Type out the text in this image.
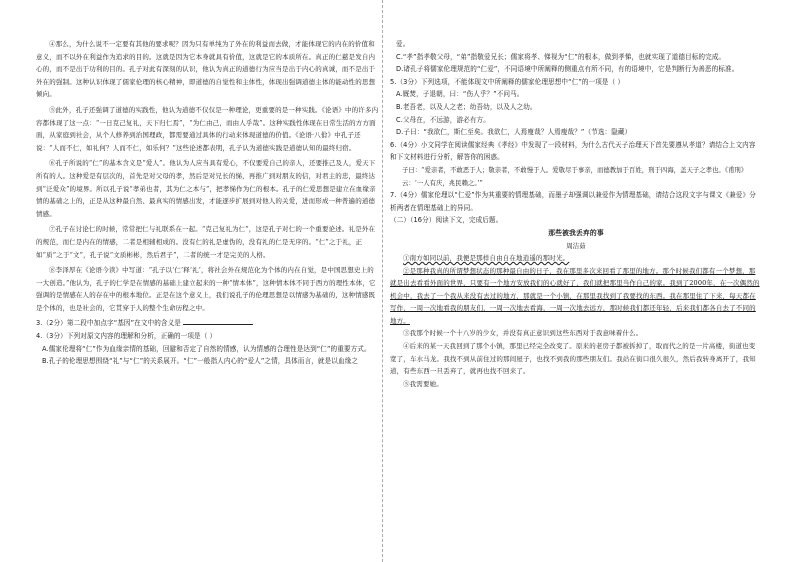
④那么，为什么说不一定要有其他的要求呢？因为只有单纯为了外在的利益而去做，才能体现它的内在的价值和意义，而不以外在利益作为追求的目的。这就是因为它本身就具有价值，这就是它的本质所在。真正的仁慈是发自内心的，而不是出于功利的目的。孔子对此有深刻的认识，他认为真正的道德行为应当是出于内心的真诚，而不是出于外在的强制。这种认识体现了儒家伦理的核心精神，即道德的自觉性和主体性，体现出强调道德主体的能动性的思想倾向。

⑤此外，孔子还强调了道德的实践性，他认为道德不仅仅是一种理论，更重要的是一种实践。《论语》中的许多内容都体现了这一点：“一日克己复礼，天下归仁焉”，“为仁由己，而由人乎哉”。这种实践性体现在日常生活的方方面面，从家庭到社会，从个人修养到治国理政，都需要通过具体的行动来体现道德的价值。《论语·八佾》中孔子还说：“人而不仁，如礼何？人而不仁，如乐何？”这些论述都表明，孔子认为道德实践是道德认知的最终归宿。

⑥孔子所说的“仁”的基本含义是“爱人”。他认为人应当具有爱心，不仅要爱自己的亲人，还要推己及人，爱天下所有的人。这种爱是有层次的，首先是对父母的孝，然后是对兄长的悌，再推广到对朋友的信，对君主的忠，最终达到“泛爱众”的境界。所以孔子说“孝弟也者，其为仁之本与”，把孝悌作为仁的根本。孔子的仁爱思想是建立在血缘亲情的基础之上的，正是从这种最自然、最真实的情感出发，才能逐步扩展到对他人的关爱，进而形成一种普遍的道德情感。

⑦孔子在讨论仁的时候，常常把仁与礼联系在一起。“克己复礼为仁”，这是孔子对仁的一个重要论述。礼是外在的规范，而仁是内在的情感，二者是相辅相成的。没有仁的礼是虚伪的，没有礼的仁是无序的。“仁”之于礼，正如“质”之于“文”，孔子说“文质彬彬，然后君子”，二者的统一才是完美的人格。

⑧李泽厚在《论语今读》中写道：“孔子以‘仁’释‘礼’，将社会外在规范化为个体的内在自觉，是中国思想史上的一大创造。”他认为，孔子的仁学是在情感的基础上建立起来的一种“情本体”，这种情本体不同于西方的理性本体，它强调的是情感在人的存在中的根本地位。正是在这个意义上，我们说孔子的伦理思想是以情感为基础的，这种情感既是个体的，也是社会的，它贯穿于人的整个生命历程之中。

3.（2分）第二段中加点字“基因”在文中的含义是

4.（3分）下列对原文内容的理解和分析，正确的一项是（ ）

A.儒家伦理将“仁”作为血缘亲情的基础，回避和否定了自然的情感，认为情感的合理性是达到“仁”的重要方式。

B.孔子的伦理思想围绕“礼”与“仁”的关系展开。“仁”一般指人内心的“爱人”之情，具体而言，就是以血缘之

爱。

C.“孝”指孝敬父母，“弟”指敬爱兄长；儒家将孝、悌视为“仁”的根本，做到孝悌，也就实现了道德目标的完成。

D.诸孔子将儒家伦理规范的“仁爱”，不同语境中所阐释的侧重点有所不同，有的语境中，它是判断行为善恶的标准。

5.（3分）下列选项，不能体现文中所阐释的儒家伦理思想中“仁”的一项是（ ）

A.厩焚，子退朝，曰：“伤人乎？”不问马。

B.老吾老，以及人之老；幼吾幼，以及人之幼。

C.父母在，不远游，游必有方。

D.子曰：“我欲仁，斯仁至矣。我欲仁，人焉廋哉？人焉廋哉？”（节选：隐藏）

6.（4分）小文同学在阅读儒家经典《孝经》中发现了一段材料，为什么古代天子治理天下首先要遵从孝道？请结合上文内容和下文材料进行分析，解答你的困惑。

子曰：“爱亲者，不敢恶于人；敬亲者，不敢慢于人。爱敬尽于事亲，而德教加于百姓，刑于四海，盖天子之孝也。《甫刑》云：‘一人有庆，兆民赖之。’”

7.（4分）儒家伦理以“仁爱”作为其重要的情理基础，而墨子却强调以兼爱作为情理基础，请结合这段文字与课文《兼爱》分析两者在情理基础上的异同。

（二）（16分）阅读下文，完成后题。

那些被我丢弃的事

周洁茹

①南方如同以前，我便是那样自由自在地逍遥的那时光。

②是那种我真的所谓梦想状态的那种最自由的日子，我在那里多次来回看了那里的地方。那个时候我们都有一个梦想，那就是出去看看外面的世界，只要有一个地方安放我们的心就好了，我们就把那里当作自己的家。我到了2000年，在一次偶然的机会中，我去了一个我从来没有去过的地方，那就是一个小镇，在那里我找到了我要找的东西。我在那里住了下来，每天都在写作，一周一次地看我的朋友们，一周一次地去看海，一周一次地去远方，那时候我们都还年轻，后来我们都各自去了不同的地方。

③我那个时候一个十八岁的少女，并没有真正意识到这些东西对于我意味着什么。

④后来的某一天我回到了那个小镇，那里已经完全改变了。原来的老房子都被拆掉了，取而代之的是一片高楼，街道也变宽了，车水马龙。我找不到从前住过的那间屋子，也找不到我的那些朋友们。我站在街口很久很久，然后我转身离开了，我知道，有些东西一旦丢弃了，就再也找不回来了。

⑤我需要她。
